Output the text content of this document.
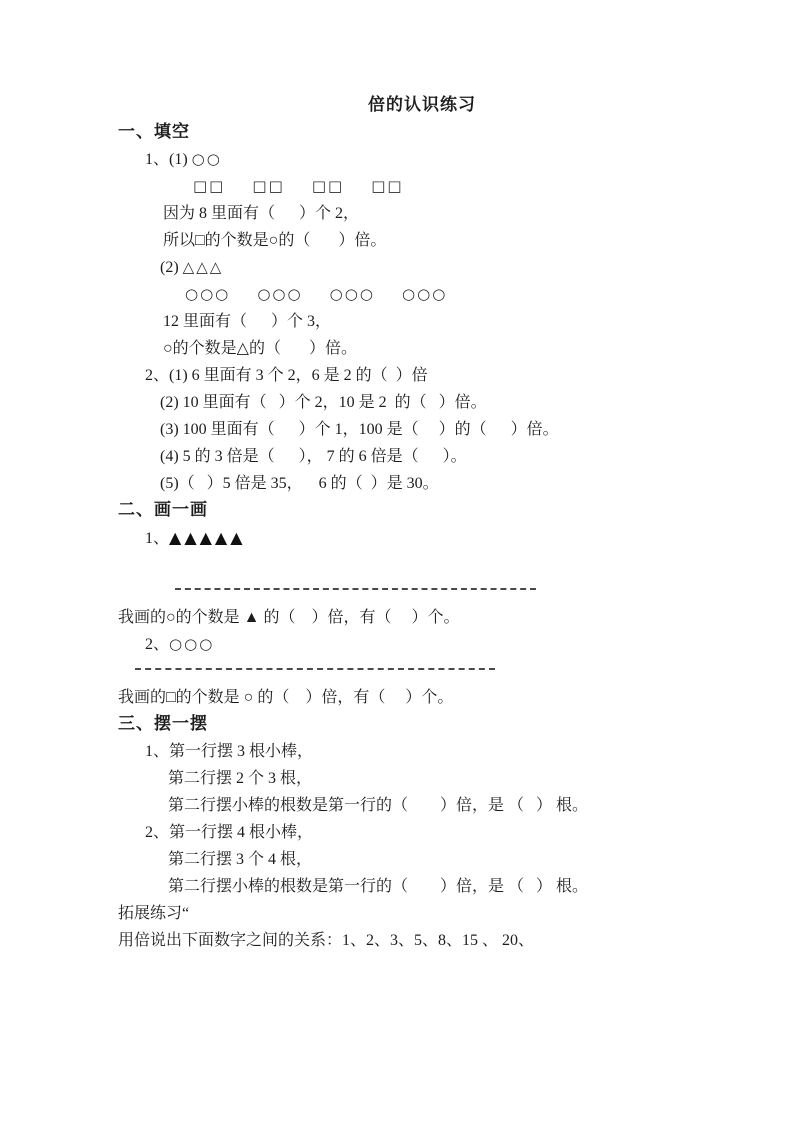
倍的认识练习
一、填空
1、(1) ○○
□□    □□    □□    □□
因为 8 里面有（      ）个 2，
所以□的个数是○的（       ）倍。
(2) △△△
○○○    ○○○    ○○○    ○○○
12 里面有（      ）个 3，
○的个数是△的（       ）倍。
2、(1) 6 里面有 3 个 2，6 是 2 的（  ）倍
(2) 10 里面有（   ）个 2，10 是 2  的（   ）倍。
(3) 100 里面有（      ）个 1，100 是（     ）的（      ）倍。
(4) 5 的 3 倍是（      ）， 7 的 6 倍是（      ）。
(5)（   ）5 倍是 35，    6 的（  ）是 30。
二、画一画
1、▲▲▲▲▲
我画的○的个数是 ▲ 的（    ）倍，有（     ）个。
2、○○○
我画的□的个数是 ○ 的（    ）倍，有（     ）个。
三、摆一摆
1、第一行摆 3 根小棒，
第二行摆 2 个 3 根，
第二行摆小棒的根数是第一行的（        ）倍，是 （   ） 根。
2、第一行摆 4 根小棒，
第二行摆 3 个 4 根，
第二行摆小棒的根数是第一行的（        ）倍，是 （   ） 根。
拓展练习“
用倍说出下面数字之间的关系：1、2、3、5、8、15 、 20、
